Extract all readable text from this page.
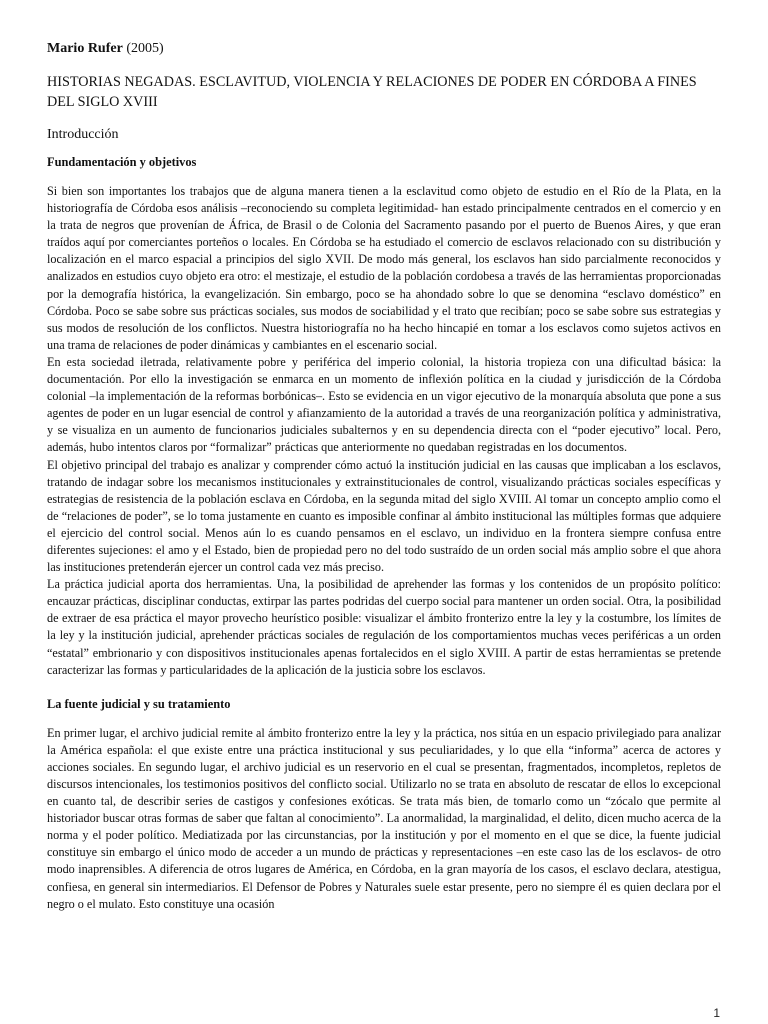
Mario Rufer (2005)

HISTORIAS NEGADAS. ESCLAVITUD, VIOLENCIA Y RELACIONES DE PODER EN CÓRDOBA A FINES DEL SIGLO XVIII

Introducción

Fundamentación y objetivos

Si bien son importantes los trabajos que de alguna manera tienen a la esclavitud como objeto de estudio en el Río de la Plata, en la historiografía de Córdoba esos análisis –reconociendo su completa legitimidad- han estado principalmente centrados en el comercio y en la trata de negros que provenían de África, de Brasil o de Colonia del Sacramento pasando por el puerto de Buenos Aires, y que eran traídos aquí por comerciantes porteños o locales. En Córdoba se ha estudiado el comercio de esclavos relacionado con su distribución y localización en el marco espacial a principios del siglo XVII. De modo más general, los esclavos han sido parcialmente reconocidos y analizados en estudios cuyo objeto era otro: el mestizaje, el estudio de la población cordobesa a través de las herramientas proporcionadas por la demografía histórica, la evangelización. Sin embargo, poco se ha ahondado sobre lo que se denomina “esclavo doméstico” en Córdoba. Poco se sabe sobre sus prácticas sociales, sus modos de sociabilidad y el trato que recibían; poco se sabe sobre sus estrategias y sus modos de resolución de los conflictos. Nuestra historiografía no ha hecho hincapié en tomar a los esclavos como sujetos activos en una trama de relaciones de poder dinámicas y cambiantes en el escenario social.

En esta sociedad iletrada, relativamente pobre y periférica del imperio colonial, la historia tropieza con una dificultad básica: la documentación. Por ello la investigación se enmarca en un momento de inflexión política en la ciudad y jurisdicción de la Córdoba colonial –la implementación de la reformas borbónicas–. Esto se evidencia en un vigor ejecutivo de la monarquía absoluta que pone a sus agentes de poder en un lugar esencial de control y afianzamiento de la autoridad a través de una reorganización política y administrativa, y se visualiza en un aumento de funcionarios judiciales subalternos y en su dependencia directa con el “poder ejecutivo” local. Pero, además, hubo intentos claros por “formalizar” prácticas que anteriormente no quedaban registradas en los documentos.

El objetivo principal del trabajo es analizar y comprender cómo actuó la institución judicial en las causas que implicaban a los esclavos, tratando de indagar sobre los mecanismos institucionales y extrainstitucionales de control, visualizando prácticas sociales específicas y estrategias de resistencia de la población esclava en Córdoba, en la segunda mitad del siglo XVIII. Al tomar un concepto amplio como el de “relaciones de poder”, se lo toma justamente en cuanto es imposible confinar al ámbito institucional las múltiples formas que adquiere el ejercicio del control social. Menos aún lo es cuando pensamos en el esclavo, un individuo en la frontera siempre confusa entre diferentes sujeciones: el amo y el Estado, bien de propiedad pero no del todo sustraído de un orden social más amplio sobre el que ahora las instituciones pretenderán ejercer un control cada vez más preciso.

La práctica judicial aporta dos herramientas. Una, la posibilidad de aprehender las formas y los contenidos de un propósito político: encauzar prácticas, disciplinar conductas, extirpar las partes podridas del cuerpo social para mantener un orden social. Otra, la posibilidad de extraer de esa práctica el mayor provecho heurístico posible: visualizar el ámbito fronterizo entre la ley y la costumbre, los límites de la ley y la institución judicial, aprehender prácticas sociales de regulación de los comportamientos muchas veces periféricas a un orden “estatal” embrionario y con dispositivos institucionales apenas fortalecidos en el siglo XVIII. A partir de estas herramientas se pretende caracterizar las formas y particularidades de la aplicación de la justicia sobre los esclavos.

La fuente judicial y su tratamiento

En primer lugar, el archivo judicial remite al ámbito fronterizo entre la ley y la práctica, nos sitúa en un espacio privilegiado para analizar la América española: el que existe entre una práctica institucional y sus peculiaridades, y lo que ella “informa” acerca de actores y acciones sociales. En segundo lugar, el archivo judicial es un reservorio en el cual se presentan, fragmentados, incompletos, repletos de discursos intencionales, los testimonios positivos del conflicto social. Utilizarlo no se trata en absoluto de rescatar de ellos lo excepcional en cuanto tal, de describir series de castigos y confesiones exóticas. Se trata más bien, de tomarlo como un “zócalo que permite al historiador buscar otras formas de saber que faltan al conocimiento”. La anormalidad, la marginalidad, el delito, dicen mucho acerca de la norma y el poder político. Mediatizada por las circunstancias, por la institución y por el momento en el que se dice, la fuente judicial constituye sin embargo el único modo de acceder a un mundo de prácticas y representaciones –en este caso las de los esclavos- de otro modo inaprensibles. A diferencia de otros lugares de América, en Córdoba, en la gran mayoría de los casos, el esclavo declara, atestigua, confiesa, en general sin intermediarios. El Defensor de Pobres y Naturales suele estar presente, pero no siempre él es quien declara por el negro o el mulato. Esto constituye una ocasión

1
